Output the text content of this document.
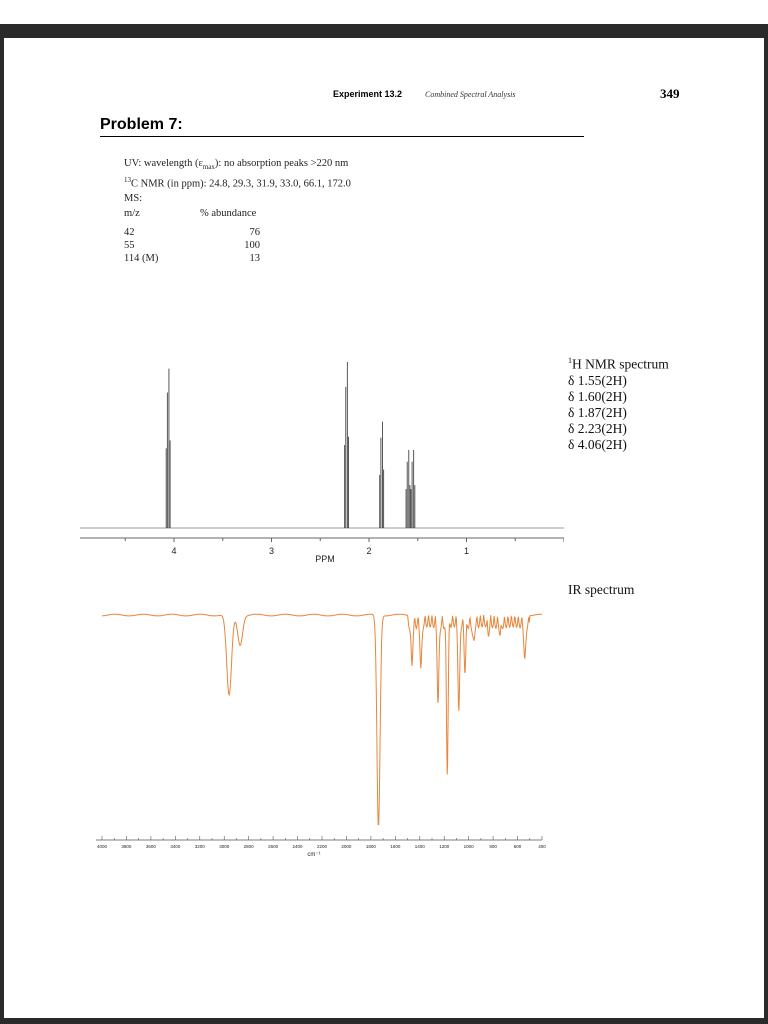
Experiment 13.2	Combined Spectral Analysis	349
Problem 7:
UV: wavelength $(\varepsilon_{max})$: no absorption peaks >220 nm
$^{13}$C NMR (in ppm): 24.8, 29.3, 31.9, 33.0, 66.1, 172.0
MS:
m/z	% abundance
42	76
55	100
114 (M)	13
4	3	2	1
PPM
$^1$H NMR spectrum
δ 1.55(2H)
δ 1.60(2H)
δ 1.87(2H)
δ 2.23(2H)
δ 4.06(2H)
IR spectrum
4000	3800	3600	3400	3200	3000	2800	2600	2400	2200	2000	1800	1600	1400	1200	1000	800	600	400
cm⁻¹
